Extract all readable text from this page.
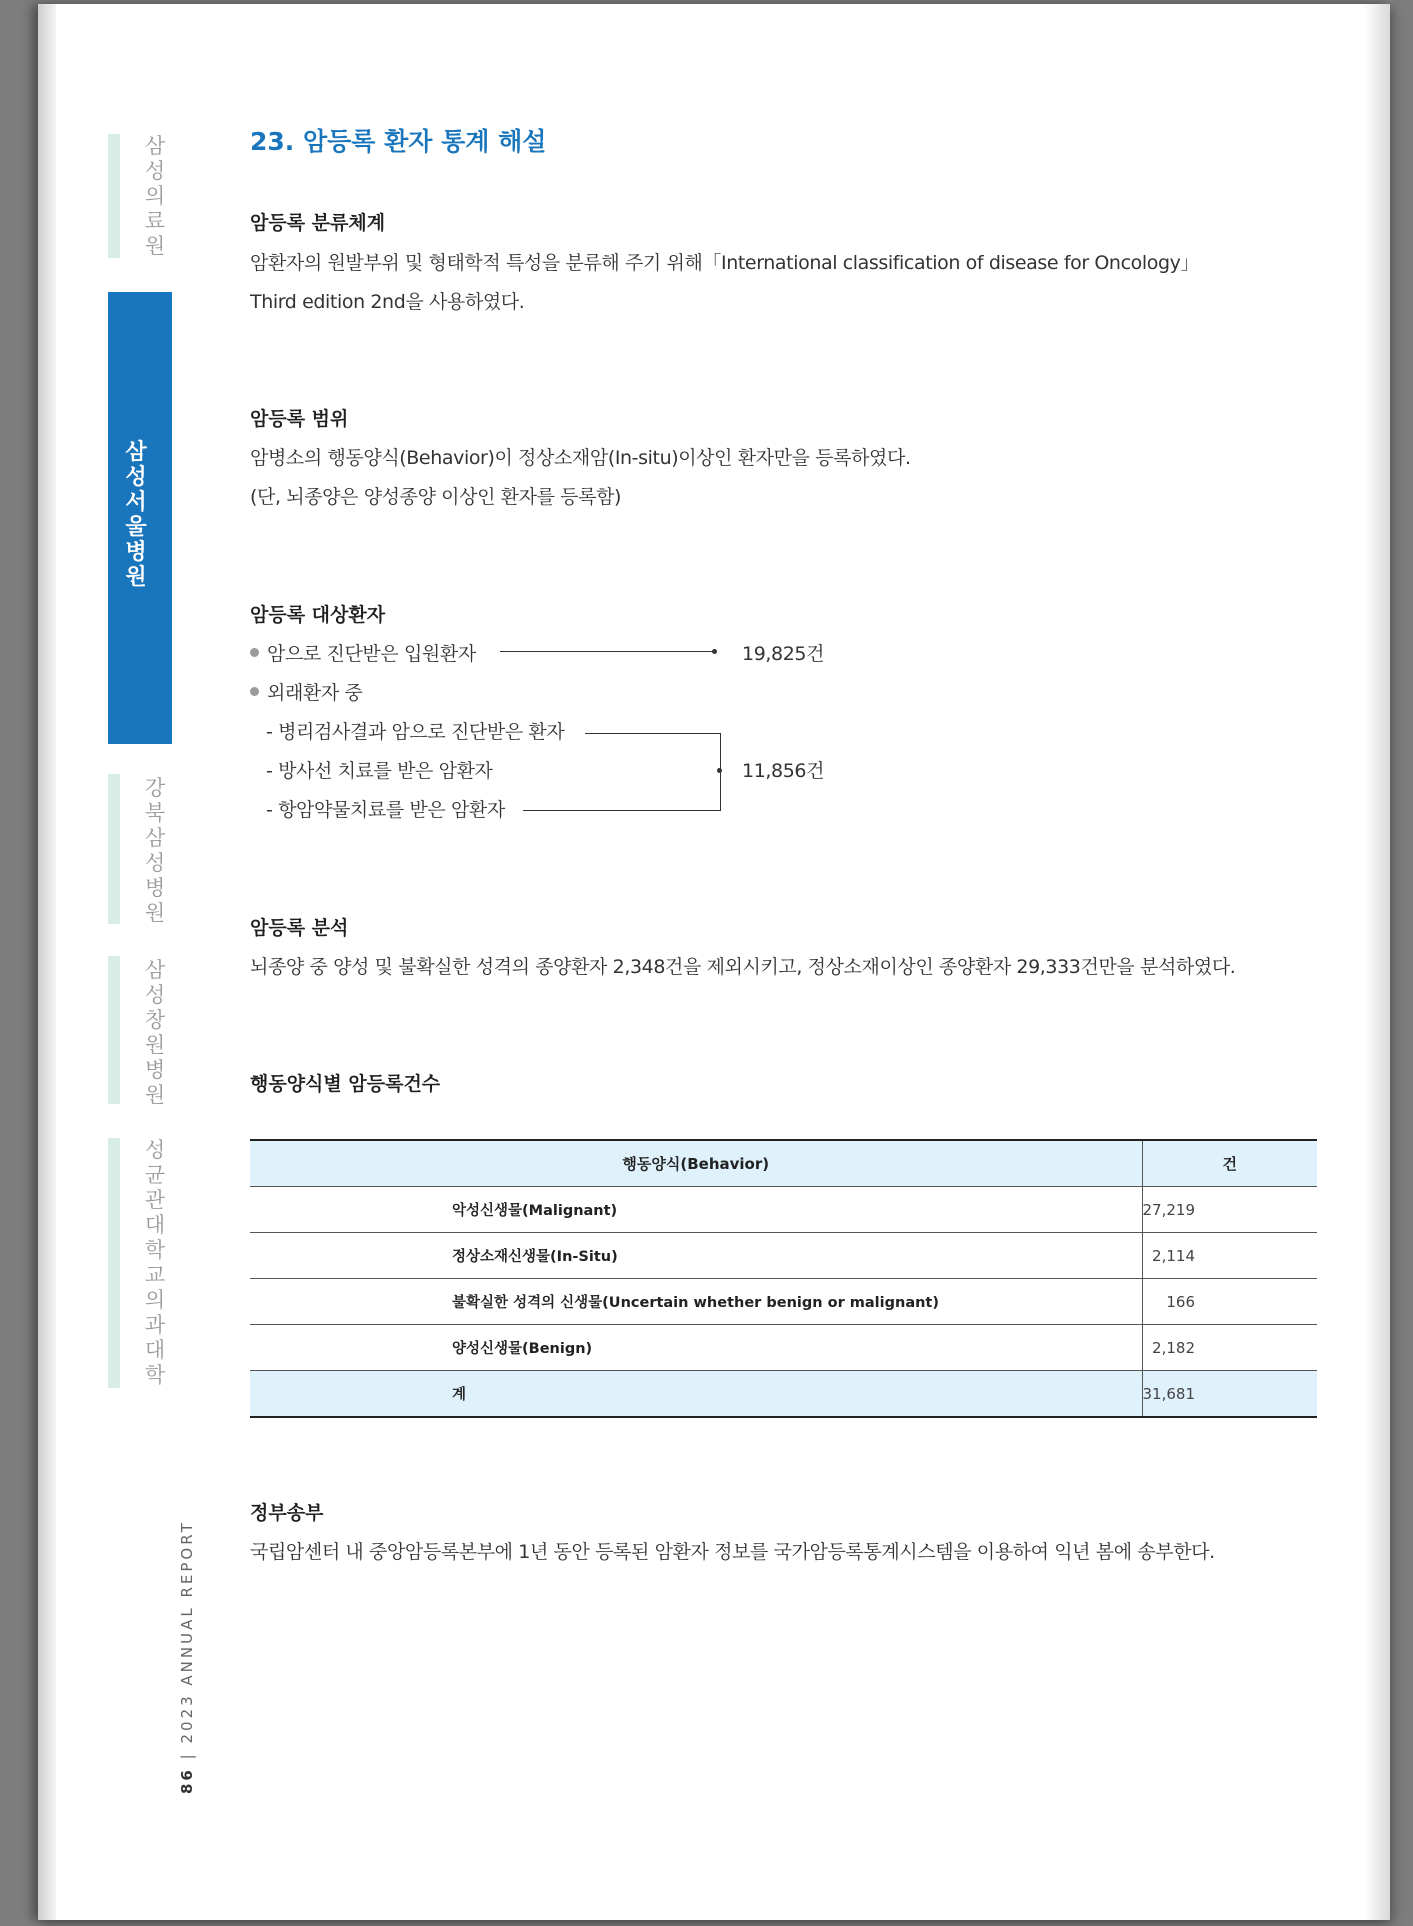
삼성의료원
삼성서울병원
강북삼성병원
삼성창원병원
성균관대학교 의과대학
86 | 2023 ANNUAL REPORT
23. 암등록 환자 통계 해설
암등록 분류체계
암환자의 원발부위 및 형태학적 특성을 분류해 주기 위해「International classification of disease for Oncology」
Third edition 2nd을 사용하였다.
암등록 범위
암병소의 행동양식(Behavior)이 정상소재암(In-situ)이상인 환자만을 등록하였다.
(단, 뇌종양은 양성종양 이상인 환자를 등록함)
암등록 대상환자
암으로 진단받은 입원환자	19,825건
외래환자 중
- 병리검사결과 암으로 진단받은 환자
- 방사선 치료를 받은 암환자
- 항암약물치료를 받은 암환자
11,856건
암등록 분석
뇌종양 중 양성 및 불확실한 성격의 종양환자 2,348건을 제외시키고, 정상소재이상인 종양환자 29,333건만을 분석하였다.
행동양식별 암등록건수
정부송부
국립암센터 내 중앙암등록본부에 1년 동안 등록된 암환자 정보를 국가암등록통계시스템을 이용하여 익년 봄에 송부한다.
행동양식(Behavior)	건
악성신생물(Malignant)	27,219
정상소재신생물(In-Situ)	2,114
불확실한 성격의 신생물(Uncertain whether benign or malignant)	166
양성신생물(Benign)	2,182
계	31,681
